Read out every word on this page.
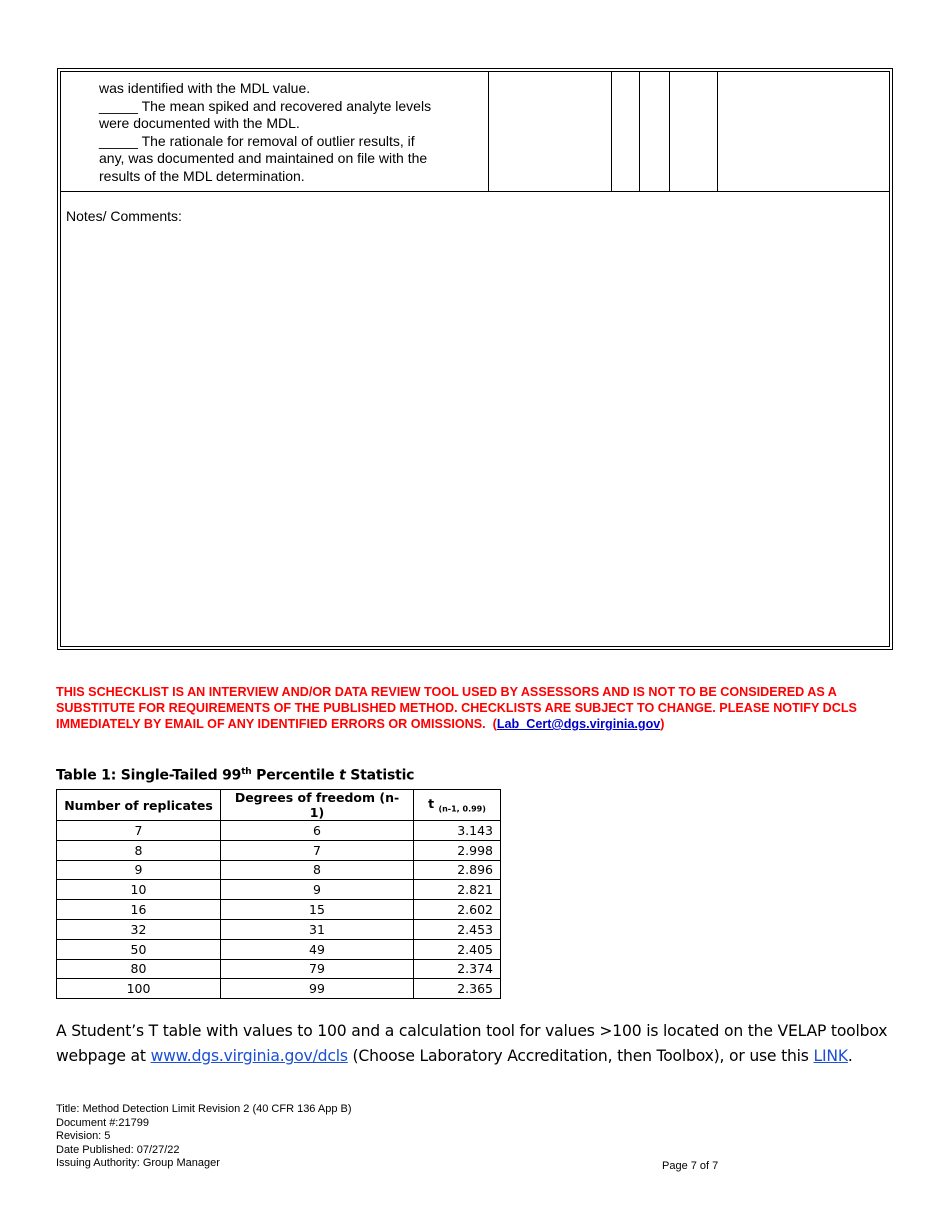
was identified with the MDL value.
_____ The mean spiked and recovered analyte levels
were documented with the MDL.
_____ The rationale for removal of outlier results, if
any, was documented and maintained on file with the
results of the MDL determination.
Notes/ Comments:
THIS SCHECKLIST IS AN INTERVIEW AND/OR DATA REVIEW TOOL USED BY ASSESSORS AND IS NOT TO BE CONSIDERED AS A SUBSTITUTE FOR REQUIREMENTS OF THE PUBLISHED METHOD. CHECKLISTS ARE SUBJECT TO CHANGE. PLEASE NOTIFY DCLS IMMEDIATELY BY EMAIL OF ANY IDENTIFIED ERRORS OR OMISSIONS. (Lab_Cert@dgs.virginia.gov)
Table 1: Single-Tailed 99th Percentile t Statistic
Number of replicates	Degrees of freedom (n-1)	t $_{(n-1, 0.99)}$
7	6	3.143
8	7	2.998
9	8	2.896
10	9	2.821
16	15	2.602
32	31	2.453
50	49	2.405
80	79	2.374
100	99	2.365
A Student’s T table with values to 100 and a calculation tool for values >100 is located on the VELAP toolbox webpage at www.dgs.virginia.gov/dcls (Choose Laboratory Accreditation, then Toolbox), or use this LINK.
Title: Method Detection Limit Revision 2 (40 CFR 136 App B)
Document #:21799
Revision: 5
Date Published: 07/27/22
Issuing Authority: Group Manager	Page 7 of 7
